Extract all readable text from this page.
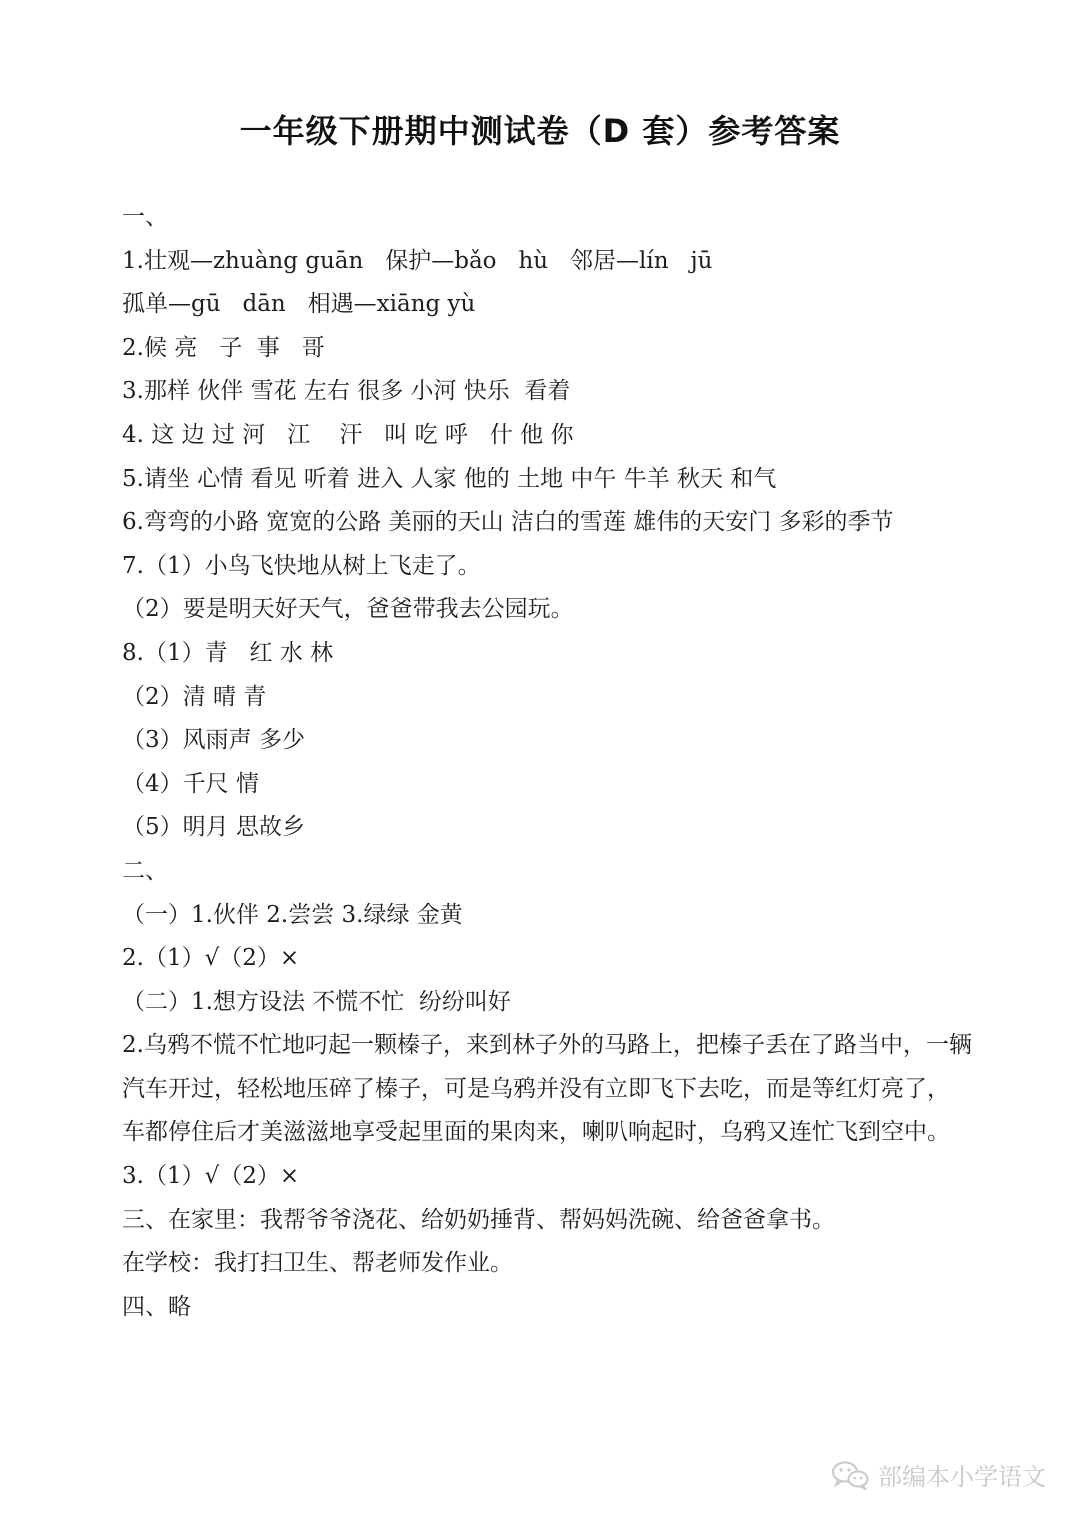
一年级下册期中测试卷（D 套）参考答案
一、
1.壮观—zhuàng guān   保护—bǎo   hù   邻居—lín   jū
孤单—gū   dān   相遇—xiāng yù
2.候 亮   子  事   哥
3.那样 伙伴 雪花 左右 很多 小河 快乐  看着
4. 这 边 过 河   江    汗   叫 吃 呼   什 他 你
5.请坐 心情 看见 听着 进入 人家 他的 土地 中午 牛羊 秋天 和气
6.弯弯的小路 宽宽的公路 美丽的天山 洁白的雪莲 雄伟的天安门 多彩的季节
7.（1）小鸟飞快地从树上飞走了。
（2）要是明天好天气，爸爸带我去公园玩。
8.（1）青   红 水 林
（2）清 晴 青
（3）风雨声 多少
（4）千尺 情
（5）明月 思故乡
二、
（一）1.伙伴 2.尝尝 3.绿绿 金黄
2.（1）√（2）×
（二）1.想方设法 不慌不忙  纷纷叫好
2.乌鸦不慌不忙地叼起一颗榛子，来到林子外的马路上，把榛子丢在了路当中，一辆汽车开过，轻松地压碎了榛子，可是乌鸦并没有立即飞下去吃，而是等红灯亮了，车都停住后才美滋滋地享受起里面的果肉来，喇叭响起时，乌鸦又连忙飞到空中。
3.（1）√（2）×
三、在家里：我帮爷爷浇花、给奶奶捶背、帮妈妈洗碗、给爸爸拿书。
在学校：我打扫卫生、帮老师发作业。
四、略
部编本小学语文
